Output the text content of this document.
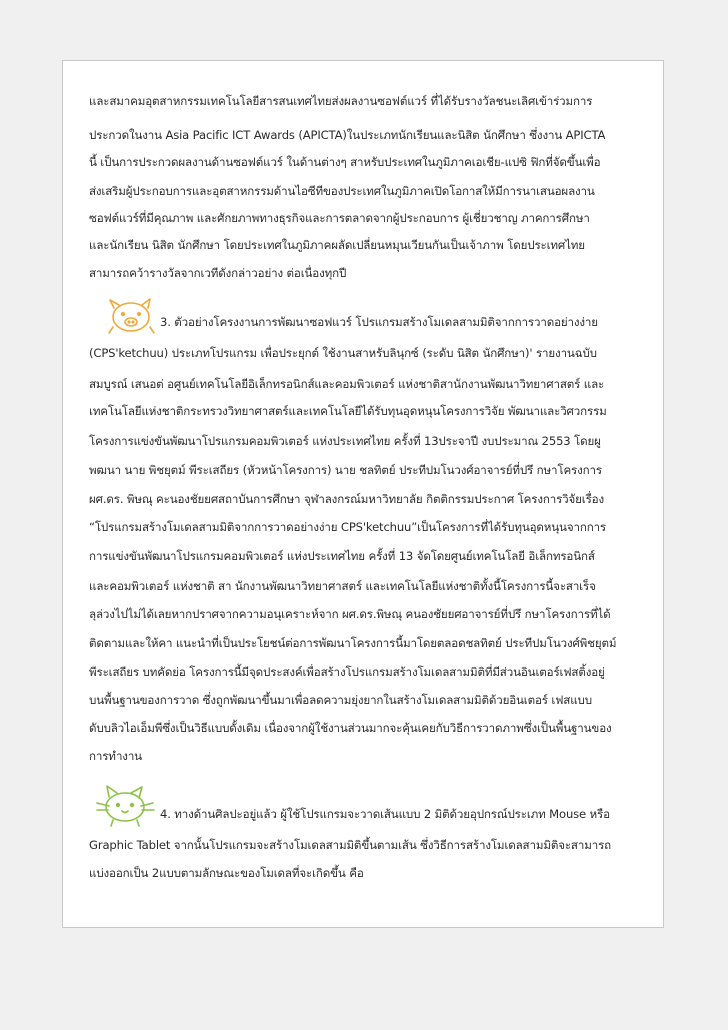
และสมาคมอุตสาหกรรมเทคโนโลยีสารสนเทศไทยส่งผลงานซอฟต์แวร์ ที่ได้รับรางวัลชนะเลิศเข้าร่วมการ
ประกวดในงาน Asia Pacific ICT Awards (APICTA)ในประเภทนักเรียนและนิสิต นักศึกษา ซึ่งงาน APICTA
นี้ เป็นการประกวดผลงานด้านซอฟต์แวร์ ในด้านต่างๆ สาหรับประเทศในภูมิภาคเอเชีย-แปซิ ฟิกที่จัดขึ้นเพื่อ
ส่งเสริมผู้ประกอบการและอุตสาหกรรมด้านไอซีทีของประเทศในภูมิภาคเปิดโอกาสให้มีการนาเสนอผลงาน
ซอฟต์แวร์ที่มีคุณภาพ และศักยภาพทางธุรกิจและการตลาดจากผู้ประกอบการ ผู้เชี่ยวชาญ ภาคการศึกษา
และนักเรียน นิสิต นักศึกษา โดยประเทศในภูมิภาคผลัดเปลี่ยนหมุนเวียนกันเป็นเจ้าภาพ โดยประเทศไทย
สามารถคว้ารางวัลจากเวทีดังกล่าวอย่าง ต่อเนื่องทุกปี
3. ตัวอย่างโครงงานการพัฒนาซอฟแวร์ โปรแกรมสร้างโมเดลสามมิติจากการวาดอย่างง่าย
(CPS'ketchuu) ประเภทโปรแกรม เพื่อประยุกต์ ใช้งานสาหรับลินุกซ์ (ระดับ นิสิต นักศึกษา)' รายงานฉบับ
สมบูรณ์ เสนอต่ อศูนย์เทคโนโลยีอิเล็กทรอนิกส์และคอมพิวเตอร์ แห่งชาติสานักงานพัฒนาวิทยาศาสตร์ และ
เทคโนโลยีแห่งชาติกระทรวงวิทยาศาสตร์และเทคโนโลยีได้รับทุนอุดหนุนโครงการวิจัย พัฒนาและวิศวกรรม
โครงการแข่งขันพัฒนาโปรแกรมคอมพิวเตอร์ แห่งประเทศไทย ครั้งที่ 13ประจาปี งบประมาณ 2553 โดยผู
พฒนา นาย พิชยุตม์ พีระเสถียร (หัวหน้าโครงการ) นาย ชลทิตย์ ประทีปมโนวงศ์อาจารย์ที่ปรึ กษาโครงการ
ผศ.ดร. พิษณุ คะนองชัยยศสถาบันการศึกษา จุฬาลงกรณ์มหาวิทยาลัย กิตติกรรมประกาศ โครงการวิจัยเรื่อง
“โปรแกรมสร้างโมเดลสามมิติจากการวาดอย่างง่าย CPS'ketchuu”เป็นโครงการที่ได้รับทุนอุดหนุนจากการ
การแข่งขันพัฒนาโปรแกรมคอมพิวเตอร์ แห่งประเทศไทย ครั้งที่ 13 จัดโดยศูนย์เทคโนโลยี อิเล็กทรอนิกส์
และคอมพิวเตอร์ แห่งชาติ สา นักงานพัฒนาวิทยาศาสตร์ และเทคโนโลยีแห่งชาติทั้งนี้โครงการนี้จะสาเร็จ
ลุล่วงไปไม่ได้เลยหากปราศจากความอนุเคราะห์จาก ผศ.ดร.พิษณุ คนองชัยยศอาจารย์ที่ปรึ กษาโครงการที่ได้
ติดตามและให้คา แนะนำที่เป็นประโยชน์ต่อการพัฒนาโครงการนี้มาโดยตลอดชลทิตย์ ประทีปมโนวงศ์พิชยุตม์
พีระเสถียร บทคัดย่อ โครงการนี้มีจุดประสงค์เพื่อสร้างโปรแกรมสร้างโมเดลสามมิติที่มีส่วนอินเตอร์เฟสติ้งอยู่
บนพื้นฐานของการวาด ซึ่งถูกพัฒนาขึ้นมาเพื่อลดความยุ่งยากในสร้างโมเดลสามมิติด้วยอินเตอร์ เฟสแบบ
ดับบลิวไอเอ็มพีซึ่งเป็นวิธีแบบดั้งเดิม เนื่องจากผู้ใช้งานส่วนมากจะคุ้นเคยกับวิธีการวาดภาพซึ่งเป็นพื้นฐานของ
การทำงาน
4. ทางด้านศิลปะอยู่แล้ว ผู้ใช้โปรแกรมจะวาดเส้นแบบ 2 มิติด้วยอุปกรณ์ประเภท Mouse หรือ
Graphic Tablet จากนั้นโปรแกรมจะสร้างโมเดลสามมิติขึ้นตามเส้น ซึ่งวิธีการสร้างโมเดลสามมิติจะสามารถ
แบ่งออกเป็น 2แบบตามลักษณะของโมเดลที่จะเกิดขึ้น คือ
